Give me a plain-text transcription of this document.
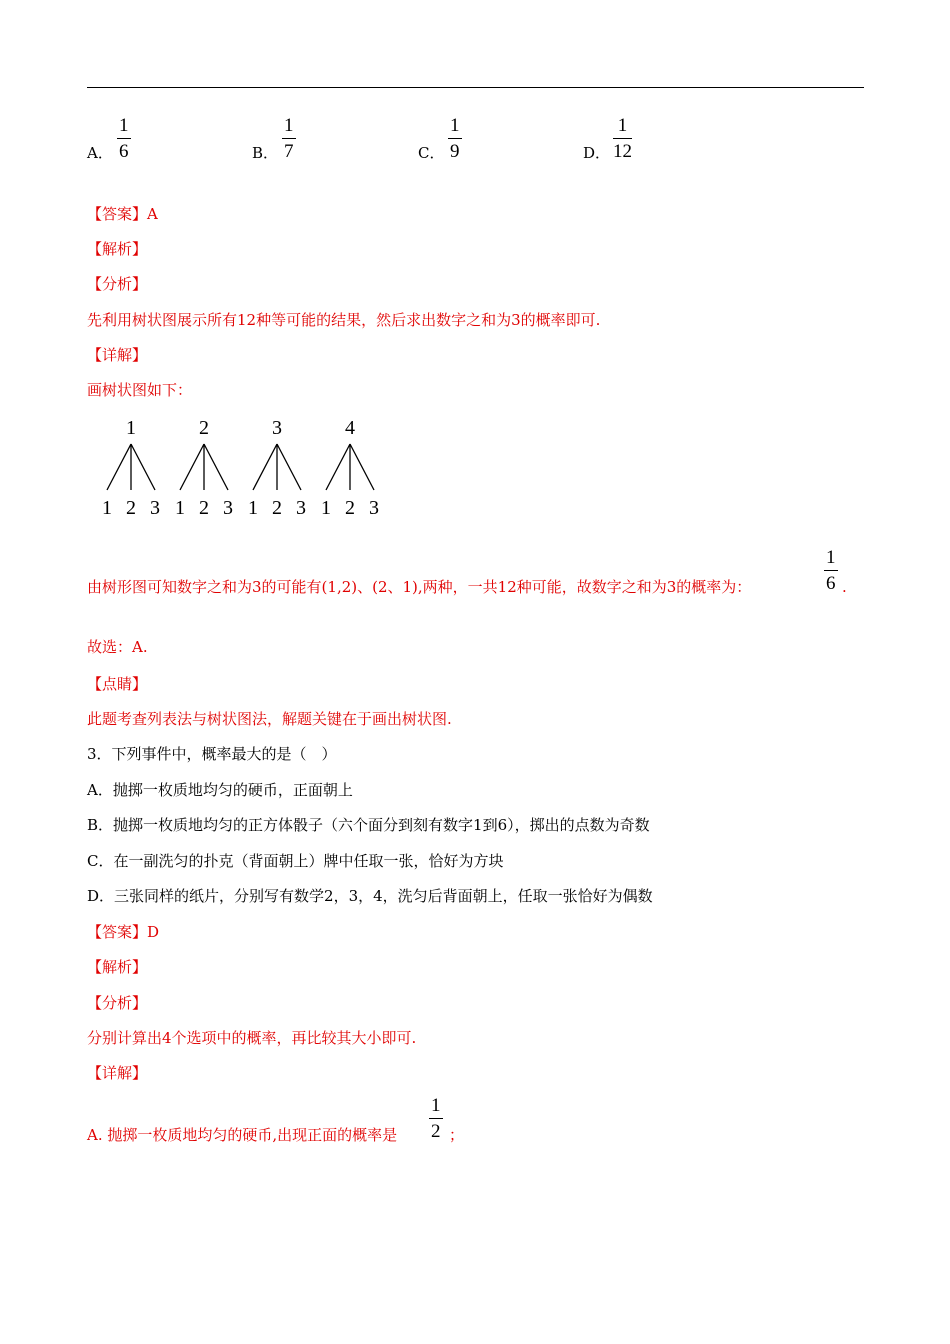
A．
1
6	B．
1
7	C．
1
9	D．
1
12
【答案】A
【解析】
【分析】
先利用树状图展示所有12种等可能的结果，然后求出数字之和为3的概率即可.
【详解】
画树状图如下：
1
1 2 3
2
1 2 3
3
1 2 3
4
1 2 3
由树形图可知数字之和为3的可能有(1,2)、(2、1),两种，一共12种可能，故数字之和为3的概率为：
1
6 .
故选：A.
【点睛】
此题考查列表法与树状图法，解题关键在于画出树状图.
3．下列事件中，概率最大的是（　）
A．抛掷一枚质地均匀的硬币，正面朝上
B．抛掷一枚质地均匀的正方体骰子（六个面分到刻有数字1到6），掷出的点数为奇数
C．在一副洗匀的扑克（背面朝上）牌中任取一张，恰好为方块
D．三张同样的纸片，分别写有数学2，3，4，洗匀后背面朝上，任取一张恰好为偶数
【答案】D
【解析】
【分析】
分别计算出4个选项中的概率，再比较其大小即可.
【详解】
A. 抛掷一枚质地均匀的硬币,出现正面的概率是
1
2 ；
